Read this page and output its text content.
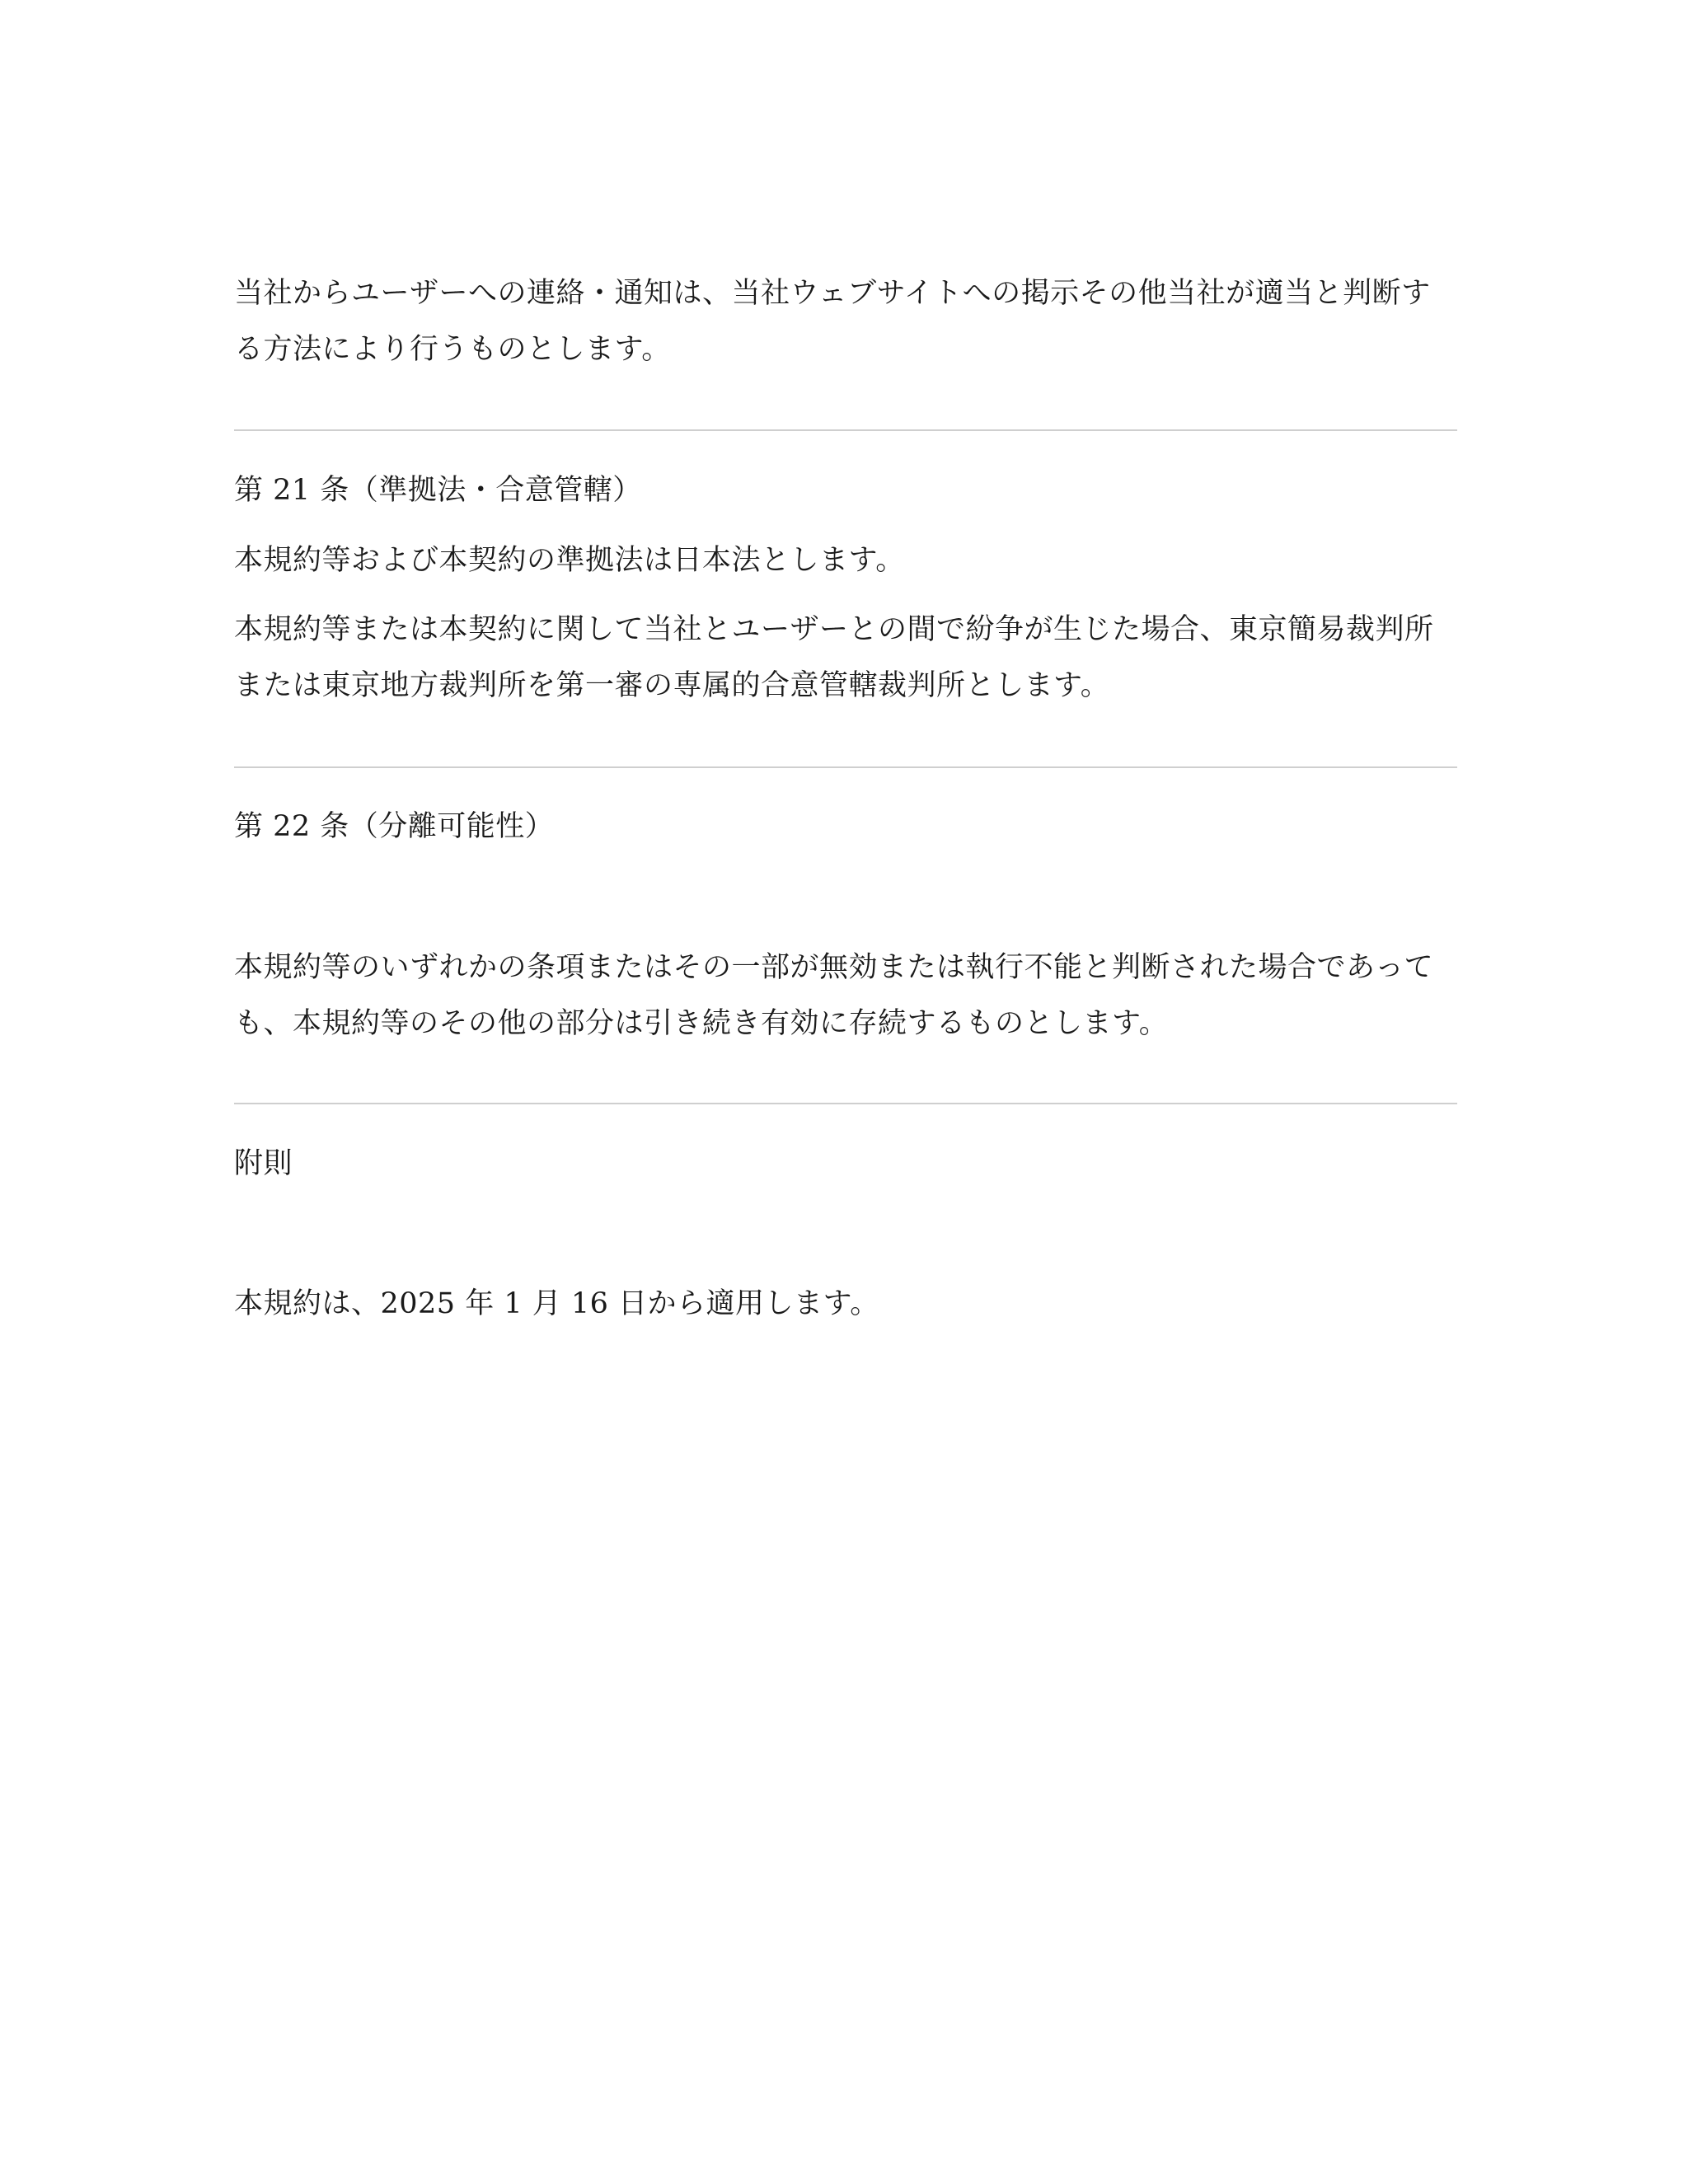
当社からユーザーへの連絡・通知は、当社ウェブサイトへの掲示その他当社が適当と判断する方法により行うものとします。

第 21 条（準拠法・合意管轄）

本規約等および本契約の準拠法は日本法とします。

本規約等または本契約に関して当社とユーザーとの間で紛争が生じた場合、東京簡易裁判所または東京地方裁判所を第一審の専属的合意管轄裁判所とします。

第 22 条（分離可能性）

本規約等のいずれかの条項またはその一部が無効または執行不能と判断された場合であっても、本規約等のその他の部分は引き続き有効に存続するものとします。

附則

本規約は、2025 年 1 月 16 日から適用します。
